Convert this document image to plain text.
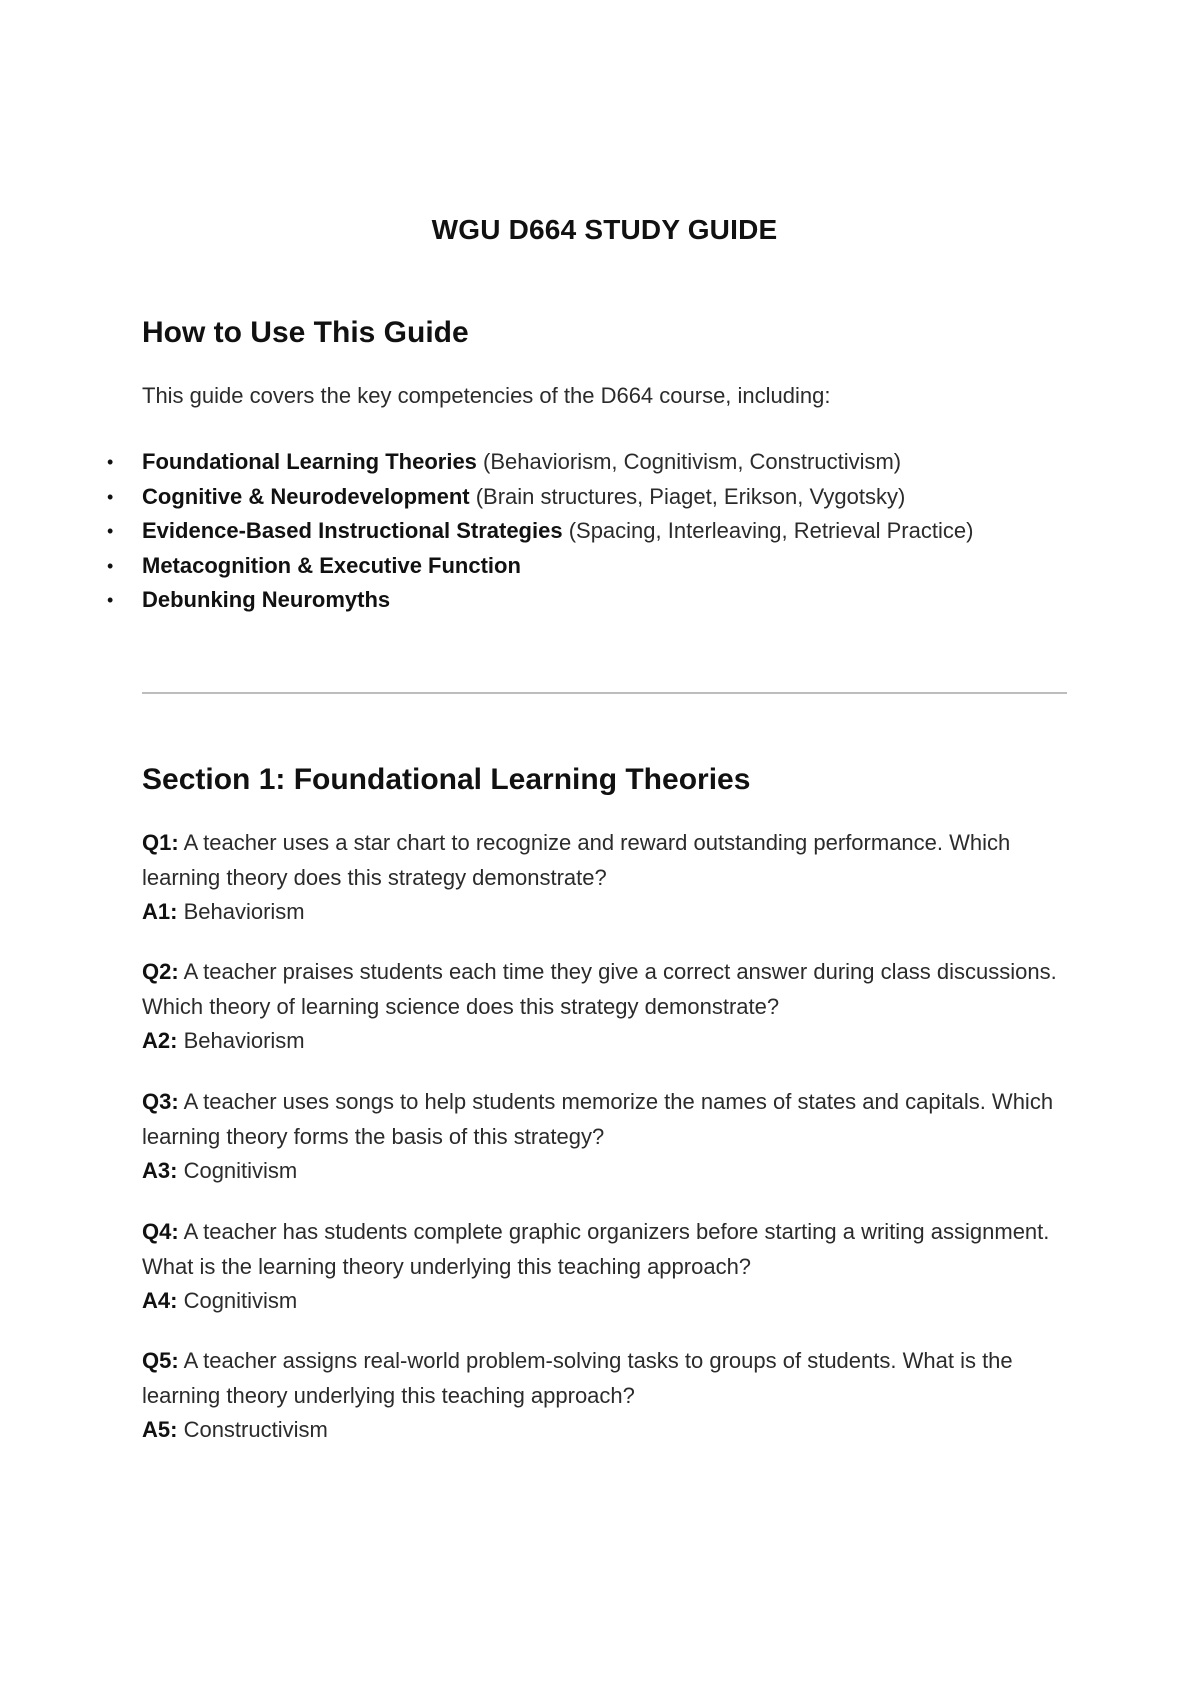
WGU D664 STUDY GUIDE
How to Use This Guide
This guide covers the key competencies of the D664 course, including:
• Foundational Learning Theories (Behaviorism, Cognitivism, Constructivism)
• Cognitive & Neurodevelopment (Brain structures, Piaget, Erikson, Vygotsky)
• Evidence-Based Instructional Strategies (Spacing, Interleaving, Retrieval Practice)
• Metacognition & Executive Function
• Debunking Neuromyths
Section 1: Foundational Learning Theories

Q1: A teacher uses a star chart to recognize and reward outstanding performance. Which learning theory does this strategy demonstrate?

A1: Behaviorism

Q2: A teacher praises students each time they give a correct answer during class discussions. Which theory of learning science does this strategy demonstrate?

A2: Behaviorism

Q3: A teacher uses songs to help students memorize the names of states and capitals. Which learning theory forms the basis of this strategy?

A3: Cognitivism

Q4: A teacher has students complete graphic organizers before starting a writing assignment. What is the learning theory underlying this teaching approach?

A4: Cognitivism

Q5: A teacher assigns real-world problem-solving tasks to groups of students. What is the learning theory underlying this teaching approach?

A5: Constructivism
